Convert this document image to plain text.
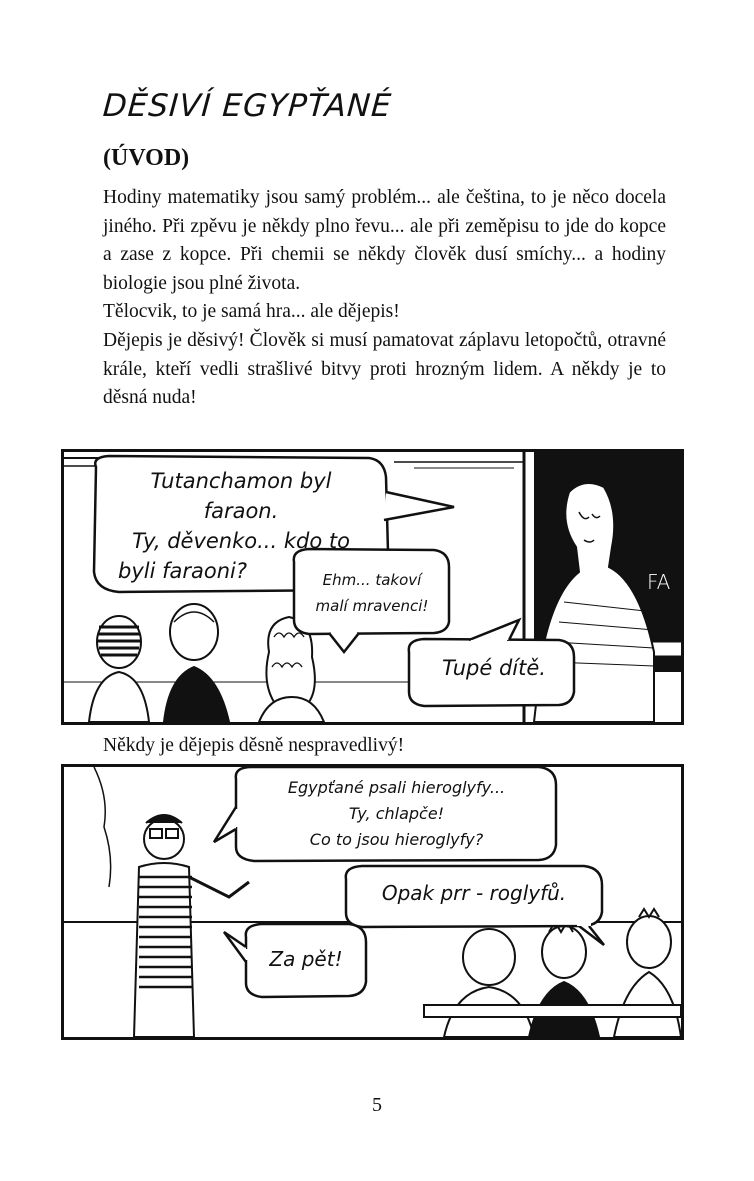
DĚSIVÍ EGYPŤANÉ
(ÚVOD)

Hodiny matematiky jsou samý problém... ale čeština, to je něco docela jiného. Při zpěvu je někdy plno řevu... ale při zeměpisu to jde do kopce a zase z kopce. Při chemii se někdy člověk dusí smíchy... a hodiny biologie jsou plné života.

Tělocvik, to je samá hra... ale dějepis!

Dějepis je děsivý! Člověk si musí pamatovat záplavu letopočtů, otravné krále, kteří vedli strašlivé bitvy proti hrozným lidem. A někdy je to děsná nuda!

Tutanchamon byl
faraon.
Ty, děvenko... kdo to
byli faraoni?	Ehm... takoví
malí mravenci!
Tupé dítě.
FA
Někdy je dějepis děsně nespravedlivý!
Egypťané psali hieroglyfy...
Ty, chlapče!
Co to jsou hieroglyfy?
Opak prr - roglyfů.
Za pět!
5
